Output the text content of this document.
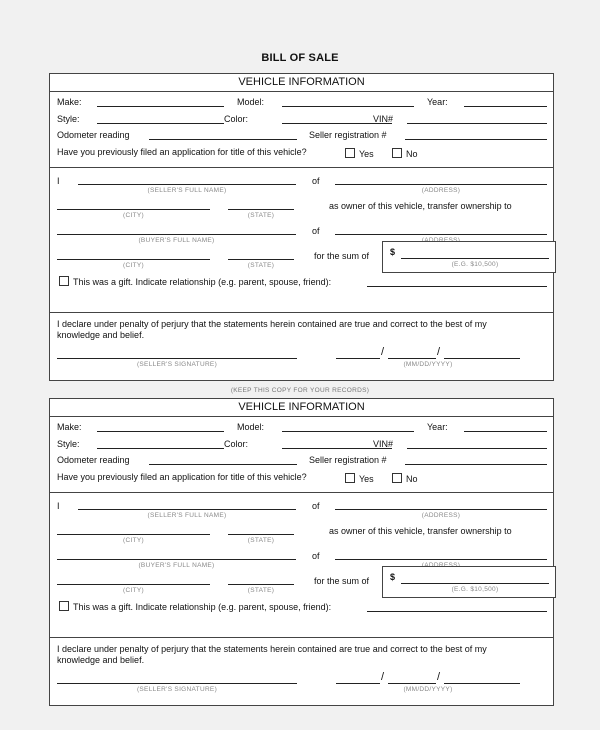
BILL OF SALE
(KEEP THIS COPY FOR YOUR RECORDS)
VEHICLE INFORMATION
Make:	Model:	Year:
Style:	Color:	VIN#
Odometer reading	Seller registration #
Have you previously filed an application for title of this vehicle?	Yes	No
I
(SELLER'S FULL NAME)
of
(ADDRESS)
(CITY)	(STATE)
as owner of this vehicle, transfer ownership to
(BUYER'S FULL NAME)
of
(CITY)	(STATE)
for the sum of $
(E.G. $10,500)
This was a gift. Indicate relationship (e.g. parent, spouse, friend):
I declare under penalty of perjury that the statements herein contained are true and correct to the best of my
knowledge and belief.
(SELLER'S SIGNATURE)
/	/
(MM/DD/YYYY)
VEHICLE INFORMATION
Make:	Model:	Year:
Style:	Color:	VIN#
Odometer reading	Seller registration #
Have you previously filed an application for title of this vehicle?	Yes	No
I
(SELLER'S FULL NAME)
of
(ADDRESS)
(CITY)	(STATE)
as owner of this vehicle, transfer ownership to
(BUYER'S FULL NAME)
of
(CITY)	(STATE)
for the sum of $
(E.G. $10,500)
This was a gift. Indicate relationship (e.g. parent, spouse, friend):
I declare under penalty of perjury that the statements herein contained are true and correct to the best of my
knowledge and belief.
(SELLER'S SIGNATURE)
/	/
(MM/DD/YYYY)
